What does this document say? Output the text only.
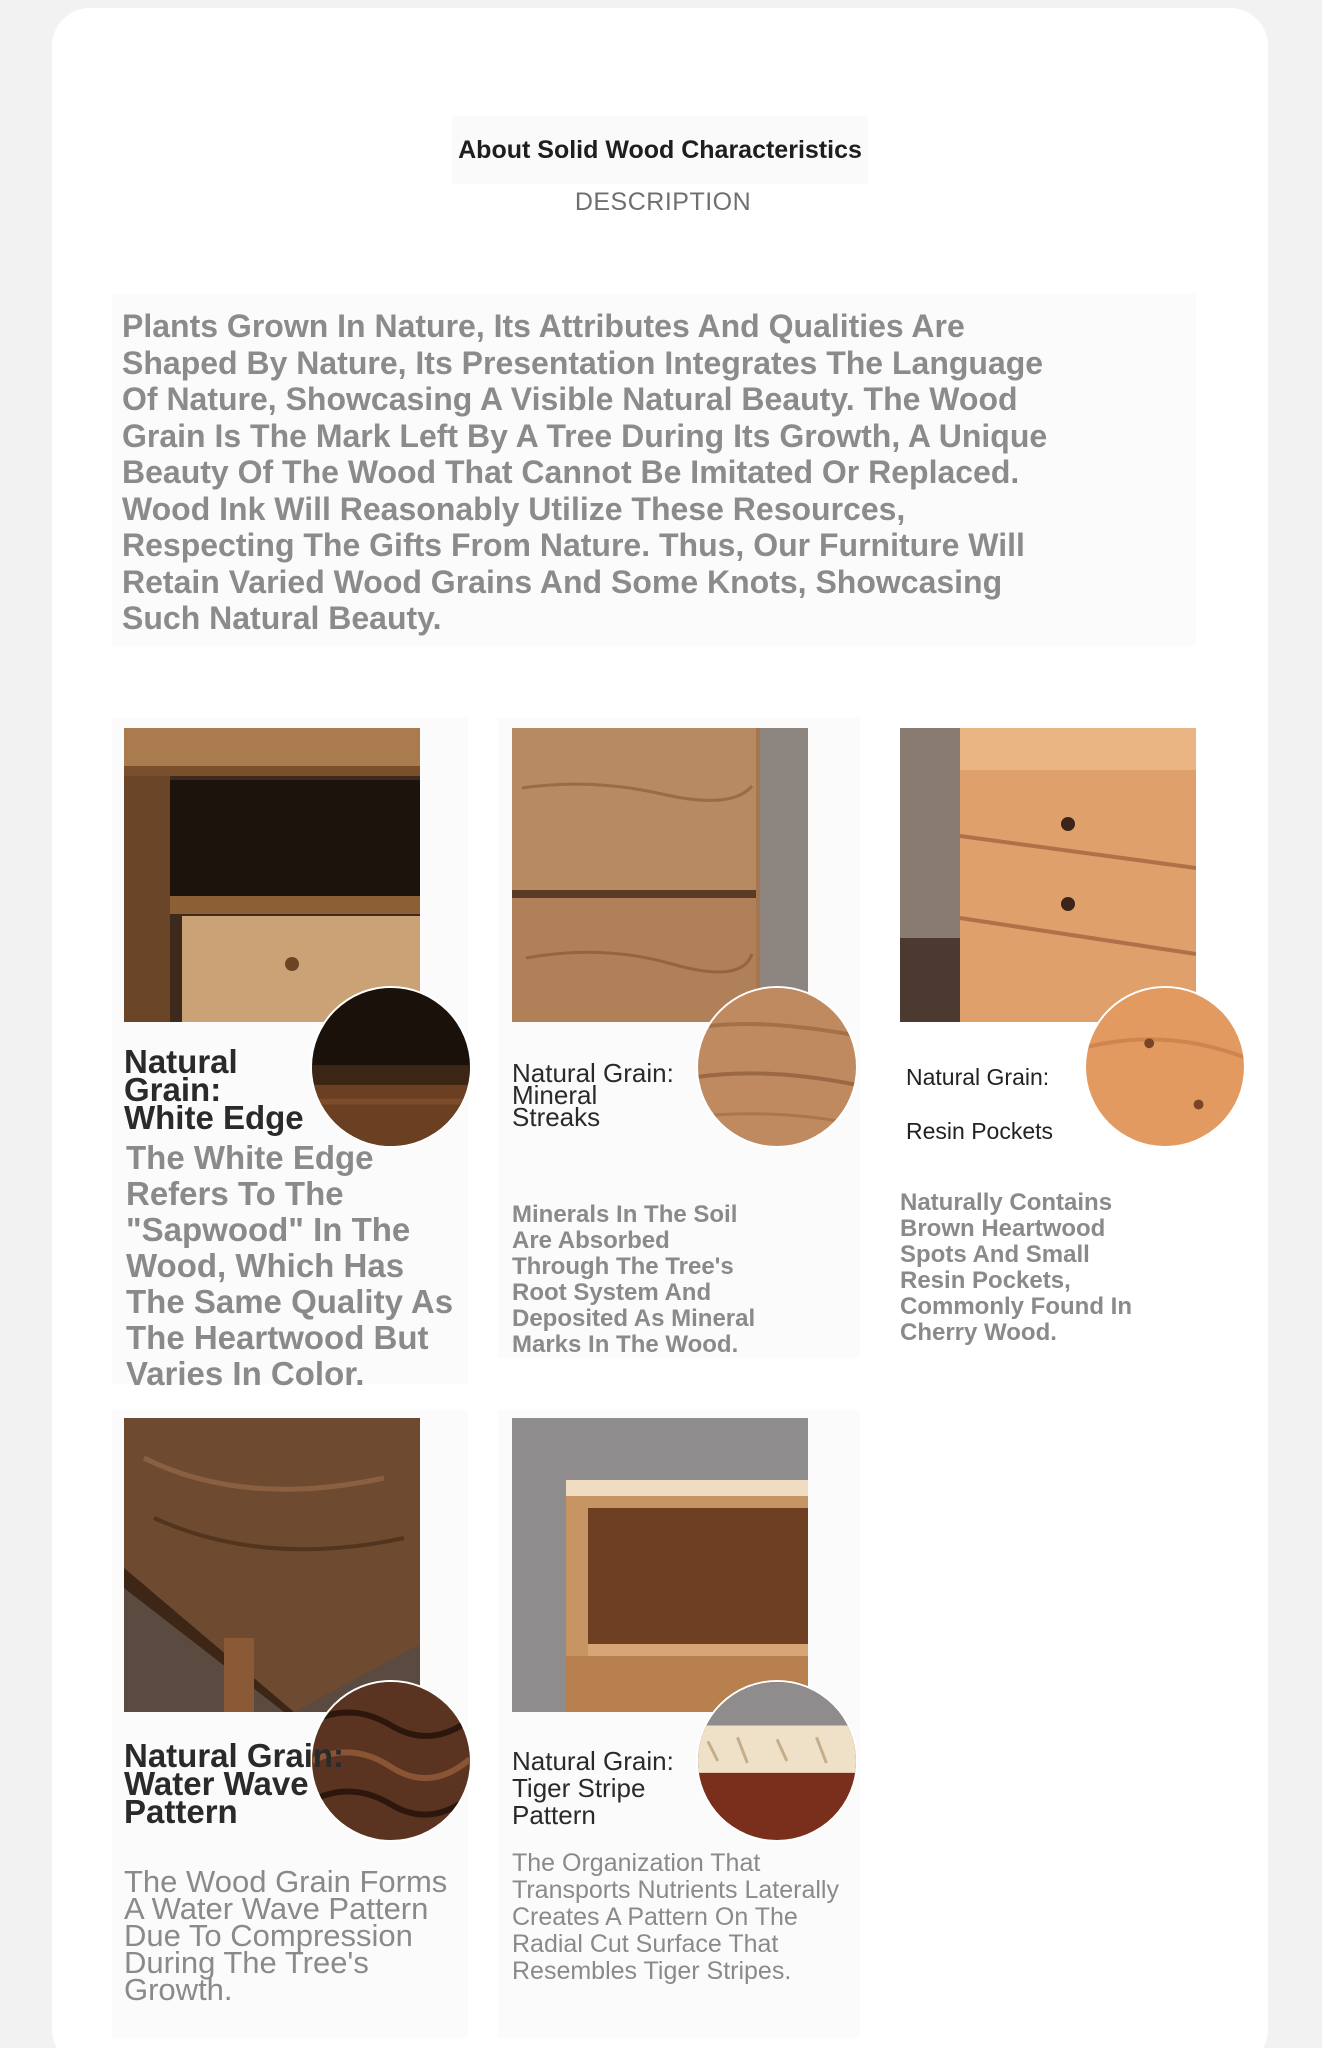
About Solid Wood Characteristics
DESCRIPTION
Plants Grown In Nature, Its Attributes And Qualities Are Shaped By Nature, Its Presentation Integrates The Language Of Nature, Showcasing A Visible Natural Beauty. The Wood Grain Is The Mark Left By A Tree During Its Growth, A Unique Beauty Of The Wood That Cannot Be Imitated Or Replaced. Wood Ink Will Reasonably Utilize These Resources, Respecting The Gifts From Nature. Thus, Our Furniture Will Retain Varied Wood Grains And Some Knots, Showcasing Such Natural Beauty.
Natural Grain: White Edge
The White Edge Refers To The "Sapwood" In The Wood, Which Has The Same Quality As The Heartwood But Varies In Color.
Natural Grain: Mineral Streaks
Minerals In The Soil Are Absorbed Through The Tree's Root System And Deposited As Mineral Marks In The Wood.
Natural Grain:
Resin Pockets
Naturally Contains Brown Heartwood Spots And Small Resin Pockets, Commonly Found In Cherry Wood.
Natural Grain: Water Wave Pattern
The Wood Grain Forms A Water Wave Pattern Due To Compression During The Tree's Growth.
Natural Grain: Tiger Stripe Pattern
The Organization That Transports Nutrients Laterally Creates A Pattern On The Radial Cut Surface That Resembles Tiger Stripes.
